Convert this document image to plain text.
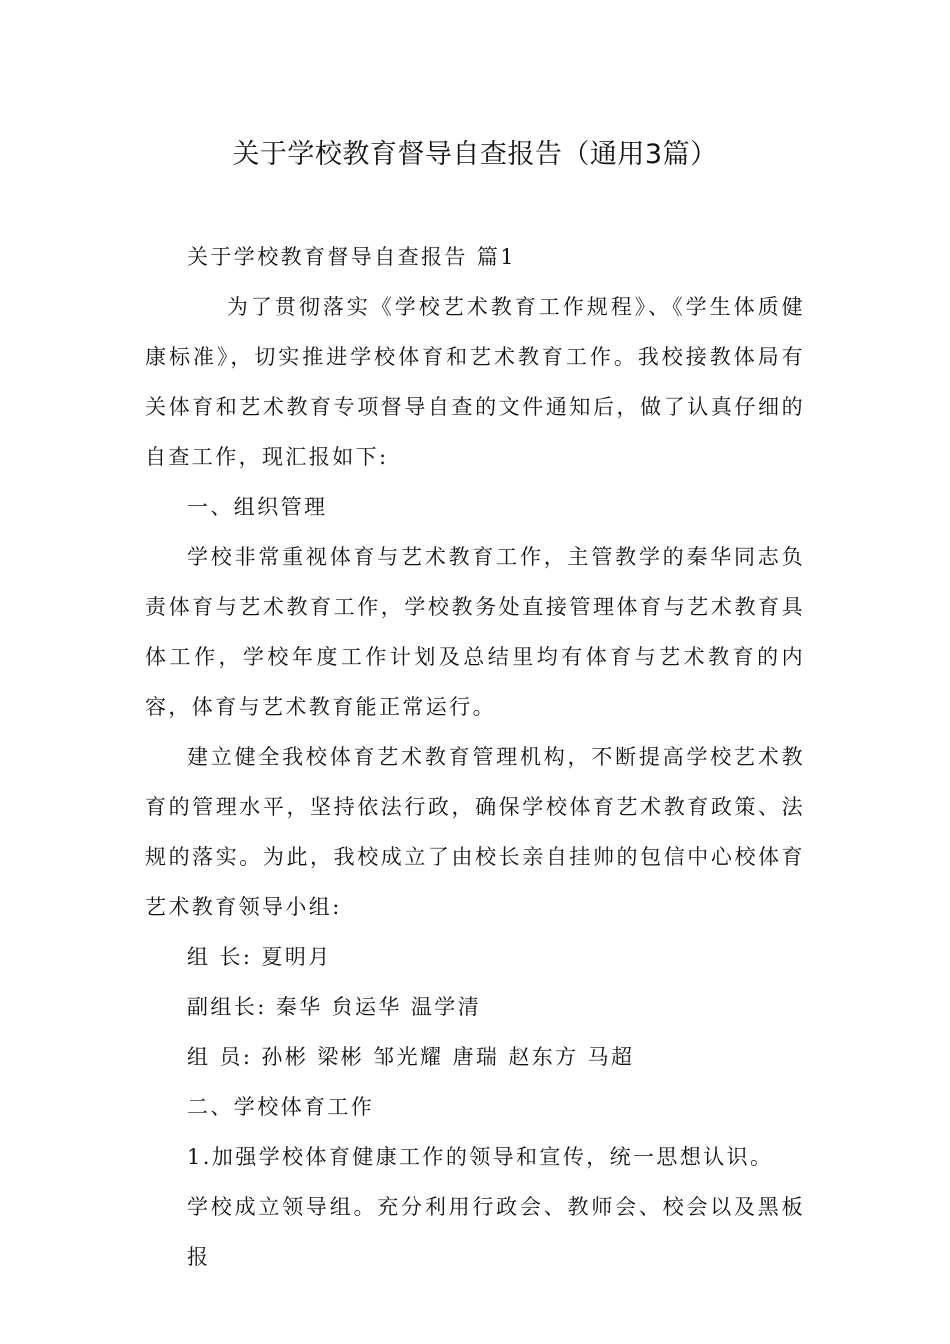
关于学校教育督导自查报告（通用3篇）

关于学校教育督导自查报告 篇1

为了贯彻落实《学校艺术教育工作规程》、《学生体质健康标准》，切实推进学校体育和艺术教育工作。我校接教体局有关体育和艺术教育专项督导自查的文件通知后，做了认真仔细的自查工作，现汇报如下:

一、组织管理

学校非常重视体育与艺术教育工作，主管教学的秦华同志负责体育与艺术教育工作，学校教务处直接管理体育与艺术教育具体工作，学校年度工作计划及总结里均有体育与艺术教育的内容，体育与艺术教育能正常运行。

建立健全我校体育艺术教育管理机构，不断提高学校艺术教育的管理水平，坚持依法行政，确保学校体育艺术教育政策、法规的落实。为此，我校成立了由校长亲自挂帅的包信中心校体育艺术教育领导小组:

组 长: 夏明月

副组长: 秦华 贠运华 温学清

组 员: 孙彬 梁彬 邹光耀 唐瑞 赵东方 马超

二、学校体育工作

1.加强学校体育健康工作的领导和宣传，统一思想认识。

学校成立领导组。充分利用行政会、教师会、校会以及黑板报
